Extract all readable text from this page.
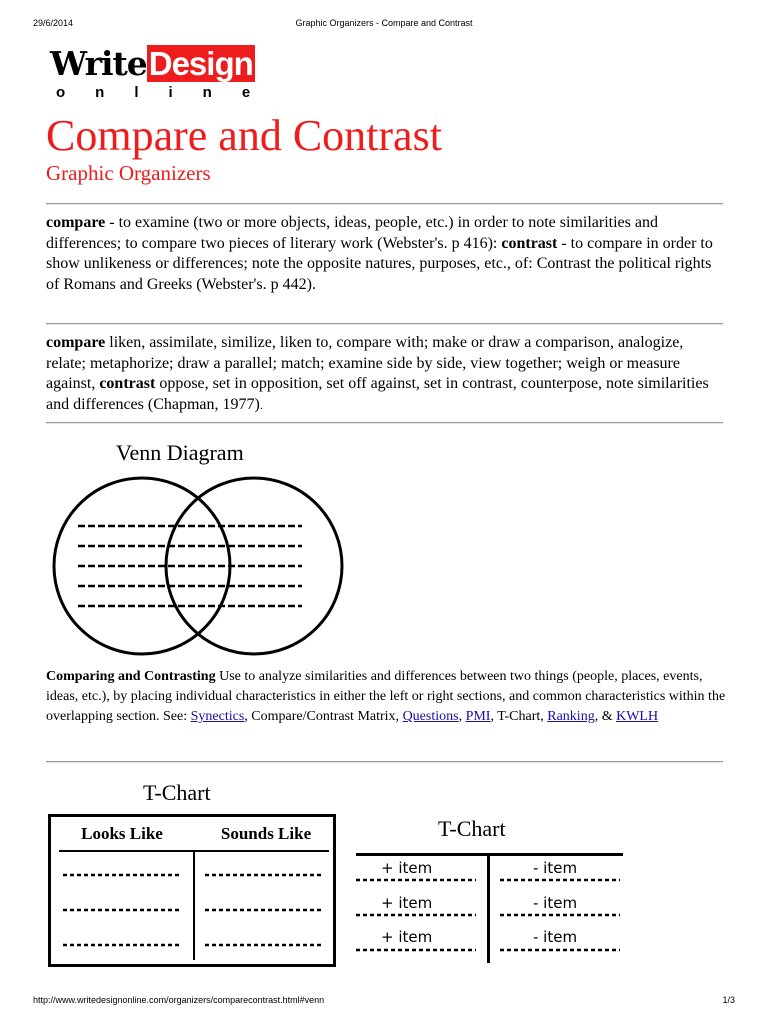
29/6/2014	Graphic Organizers - Compare and Contrast
WriteDesign
online
Compare and Contrast
Graphic Organizers
compare - to examine (two or more objects, ideas, people, etc.) in order to note similarities and differences; to compare two pieces of literary work (Webster's. p 416): contrast - to compare in order to show unlikeness or differences; note the opposite natures, purposes, etc., of: Contrast the political rights of Romans and Greeks (Webster's. p 442).
compare liken, assimilate, similize, liken to, compare with; make or draw a comparison, analogize, relate; metaphorize; draw a parallel; match; examine side by side, view together; weigh or measure against, contrast oppose, set in opposition, set off against, set in contrast, counterpose, note similarities and differences (Chapman, 1977).
Venn Diagram
Comparing and Contrasting Use to analyze similarities and differences between two things (people, places, events, ideas, etc.), by placing individual characteristics in either the left or right sections, and common characteristics within the overlapping section. See: Synectics, Compare/Contrast Matrix, Questions, PMI, T-Chart, Ranking, & KWLH
T-Chart
Looks Like	Sounds Like	T-Chart
+ item	- item
+ item	- item
+ item	- item
http://www.writedesignonline.com/organizers/comparecontrast.html#venn	1/3
